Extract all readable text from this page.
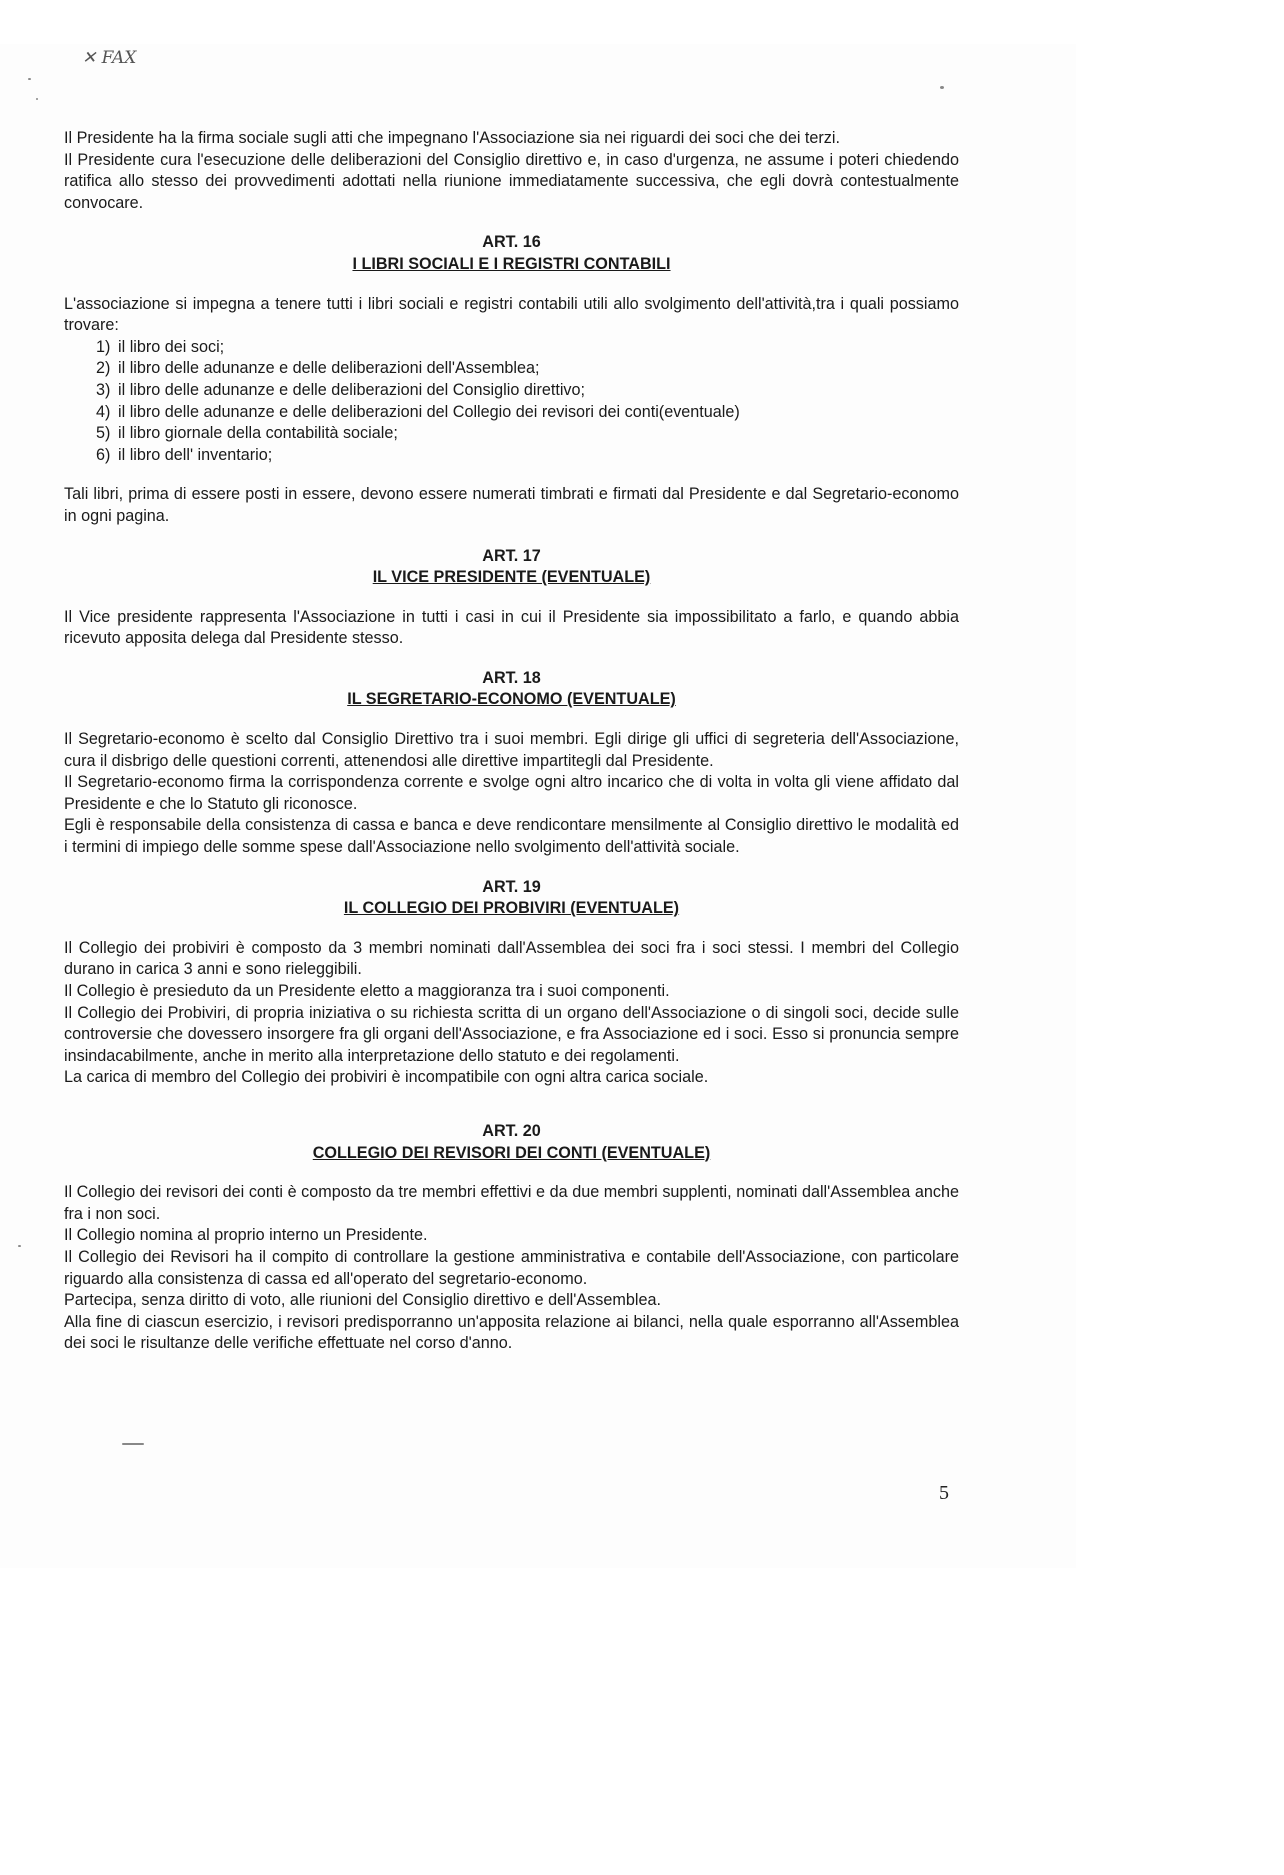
✕ FAX

Il Presidente ha la firma sociale sugli atti che impegnano l'Associazione sia nei riguardi dei soci che dei terzi.

Il Presidente cura l'esecuzione delle deliberazioni del Consiglio direttivo e, in caso d'urgenza, ne assume i poteri chiedendo ratifica allo stesso dei provvedimenti adottati nella riunione immediatamente successiva, che egli dovrà contestualmente convocare.

ART. 16

I LIBRI SOCIALI E I REGISTRI CONTABILI

L'associazione si impegna a tenere tutti i libri sociali e registri contabili utili allo svolgimento dell'attività,tra i quali possiamo trovare:

1) il libro dei soci;
2) il libro delle adunanze e delle deliberazioni dell'Assemblea;
3) il libro delle adunanze e delle deliberazioni del Consiglio direttivo;
4) il libro delle adunanze e delle deliberazioni del Collegio dei revisori dei conti(eventuale)
5) il libro giornale della contabilità sociale;
6) il libro dell' inventario;

Tali libri, prima di essere posti in essere, devono essere numerati timbrati e firmati dal Presidente e dal Segretario-economo in ogni pagina.

ART. 17

IL VICE PRESIDENTE (EVENTUALE)

Il Vice presidente rappresenta l'Associazione in tutti i casi in cui il Presidente sia impossibilitato a farlo, e quando abbia ricevuto apposita delega dal Presidente stesso.

ART. 18

IL SEGRETARIO-ECONOMO (EVENTUALE)

Il Segretario-economo è scelto dal Consiglio Direttivo tra i suoi membri. Egli dirige gli uffici di segreteria dell'Associazione, cura il disbrigo delle questioni correnti, attenendosi alle direttive impartitegli dal Presidente.

Il Segretario-economo firma la corrispondenza corrente e svolge ogni altro incarico che di volta in volta gli viene affidato dal Presidente e che lo Statuto gli riconosce.

Egli è responsabile della consistenza di cassa e banca e deve rendicontare mensilmente al Consiglio direttivo le modalità ed i termini di impiego delle somme spese dall'Associazione nello svolgimento dell'attività sociale.

ART. 19

IL COLLEGIO DEI PROBIVIRI (EVENTUALE)

Il Collegio dei probiviri è composto da 3 membri nominati dall'Assemblea dei soci fra i soci stessi. I membri del Collegio durano in carica 3 anni e sono rieleggibili.

Il Collegio è presieduto da un Presidente eletto a maggioranza tra i suoi componenti.

Il Collegio dei Probiviri, di propria iniziativa o su richiesta scritta di un organo dell'Associazione o di singoli soci, decide sulle controversie che dovessero insorgere fra gli organi dell'Associazione, e fra Associazione ed i soci. Esso si pronuncia sempre insindacabilmente, anche in merito alla interpretazione dello statuto e dei regolamenti.

La carica di membro del Collegio dei probiviri è incompatibile con ogni altra carica sociale.

ART. 20

COLLEGIO DEI REVISORI DEI CONTI (EVENTUALE)

Il Collegio dei revisori dei conti è composto da tre membri effettivi e da due membri supplenti, nominati dall'Assemblea anche fra i non soci.

Il Collegio nomina al proprio interno un Presidente.

Il Collegio dei Revisori ha il compito di controllare la gestione amministrativa e contabile dell'Associazione, con particolare riguardo alla consistenza di cassa ed all'operato del segretario-economo.

Partecipa, senza diritto di voto, alle riunioni del Consiglio direttivo e dell'Assemblea.

Alla fine di ciascun esercizio, i revisori predisporranno un'apposita relazione ai bilanci, nella quale esporranno all'Assemblea dei soci le risultanze delle verifiche effettuate nel corso d'anno.

5
